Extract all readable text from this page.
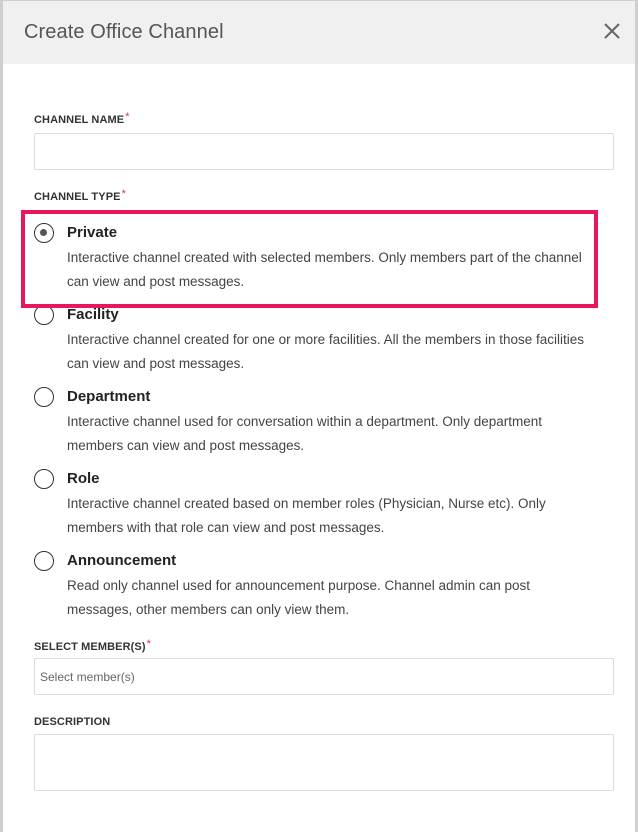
Create Office Channel
CHANNEL NAME*
CHANNEL TYPE*
Private
Interactive channel created with selected members. Only members part of the channel can view and post messages.
Facility
Interactive channel created for one or more facilities. All the members in those facilities can view and post messages.
Department
Interactive channel used for conversation within a department. Only department members can view and post messages.
Role
Interactive channel created based on member roles (Physician, Nurse etc). Only members with that role can view and post messages.
Announcement
Read only channel used for announcement purpose. Channel admin can post messages, other members can only view them.
SELECT MEMBER(S)*
Select member(s)
DESCRIPTION
